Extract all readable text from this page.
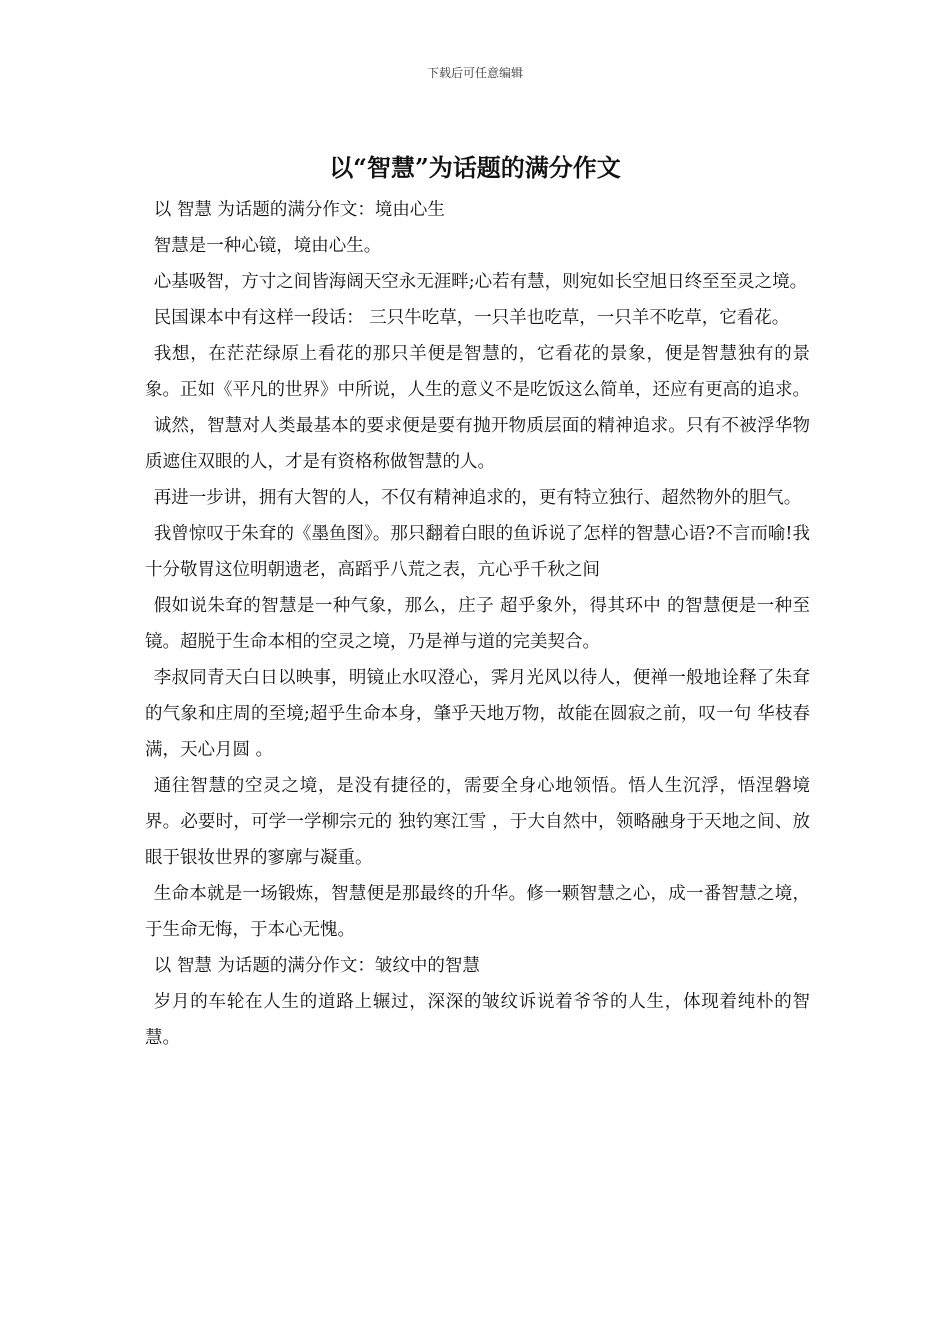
下载后可任意编辑
以“智慧”为话题的满分作文

以 智慧 为话题的满分作文：境由心生

智慧是一种心镜，境由心生。

心基吸智，方寸之间皆海阔天空永无涯畔;心若有慧，则宛如长空旭日终至至灵之境。

民国课本中有这样一段话： 三只牛吃草，一只羊也吃草，一只羊不吃草，它看花。

我想，在茫茫绿原上看花的那只羊便是智慧的，它看花的景象，便是智慧独有的景象。正如《平凡的世界》中所说，人生的意义不是吃饭这么简单，还应有更高的追求。

诚然，智慧对人类最基本的要求便是要有抛开物质层面的精神追求。只有不被浮华物质遮住双眼的人，才是有资格称做智慧的人。

再进一步讲，拥有大智的人，不仅有精神追求的，更有特立独行、超然物外的胆气。

我曾惊叹于朱耷的《墨鱼图》。那只翻着白眼的鱼诉说了怎样的智慧心语?不言而喻!我十分敬胃这位明朝遗老，高蹈乎八荒之表，亢心乎千秋之间

假如说朱耷的智慧是一种气象，那么，庄子 超乎象外，得其环中 的智慧便是一种至镜。超脱于生命本相的空灵之境，乃是禅与道的完美契合。

李叔同青天白日以映事，明镜止水叹澄心，霁月光风以待人，便禅一般地诠释了朱耷的气象和庄周的至境;超乎生命本身，肇乎天地万物，故能在圆寂之前，叹一句 华枝春满，天心月圆 。

通往智慧的空灵之境，是没有捷径的，需要全身心地领悟。悟人生沉浮，悟涅磐境界。必要时，可学一学柳宗元的 独钓寒江雪 ，于大自然中，领略融身于天地之间、放眼于银妆世界的寥廓与凝重。

生命本就是一场锻炼，智慧便是那最终的升华。修一颗智慧之心，成一番智慧之境，于生命无悔，于本心无愧。

以 智慧 为话题的满分作文：皱纹中的智慧

岁月的车轮在人生的道路上辗过，深深的皱纹诉说着爷爷的人生，体现着纯朴的智慧。
